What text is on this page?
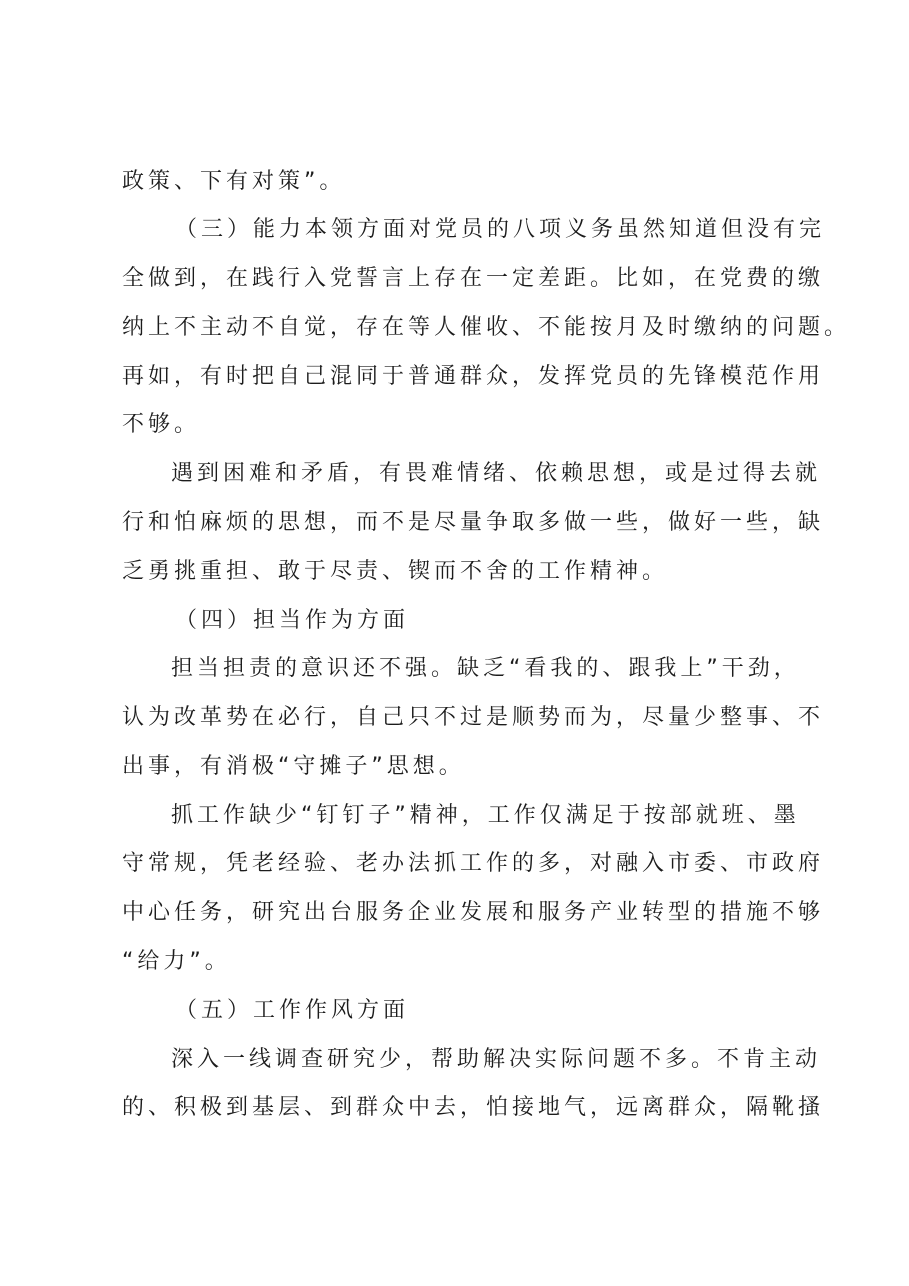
政策、下有对策”。
（三）能力本领方面对党员的八项义务虽然知道但没有完
全做到，在践行入党誓言上存在一定差距。比如，在党费的缴
纳上不主动不自觉，存在等人催收、不能按月及时缴纳的问题。
再如，有时把自己混同于普通群众，发挥党员的先锋模范作用
不够。
遇到困难和矛盾，有畏难情绪、依赖思想，或是过得去就
行和怕麻烦的思想，而不是尽量争取多做一些，做好一些，缺
乏勇挑重担、敢于尽责、锲而不舍的工作精神。
（四）担当作为方面
担当担责的意识还不强。缺乏“看我的、跟我上”干劲，
认为改革势在必行，自己只不过是顺势而为，尽量少整事、不
出事，有消极“守摊子”思想。
抓工作缺少“钉钉子”精神，工作仅满足于按部就班、墨
守常规，凭老经验、老办法抓工作的多，对融入市委、市政府
中心任务，研究出台服务企业发展和服务产业转型的措施不够
“给力”。
（五）工作作风方面
深入一线调查研究少，帮助解决实际问题不多。不肯主动
的、积极到基层、到群众中去，怕接地气，远离群众，隔靴搔
